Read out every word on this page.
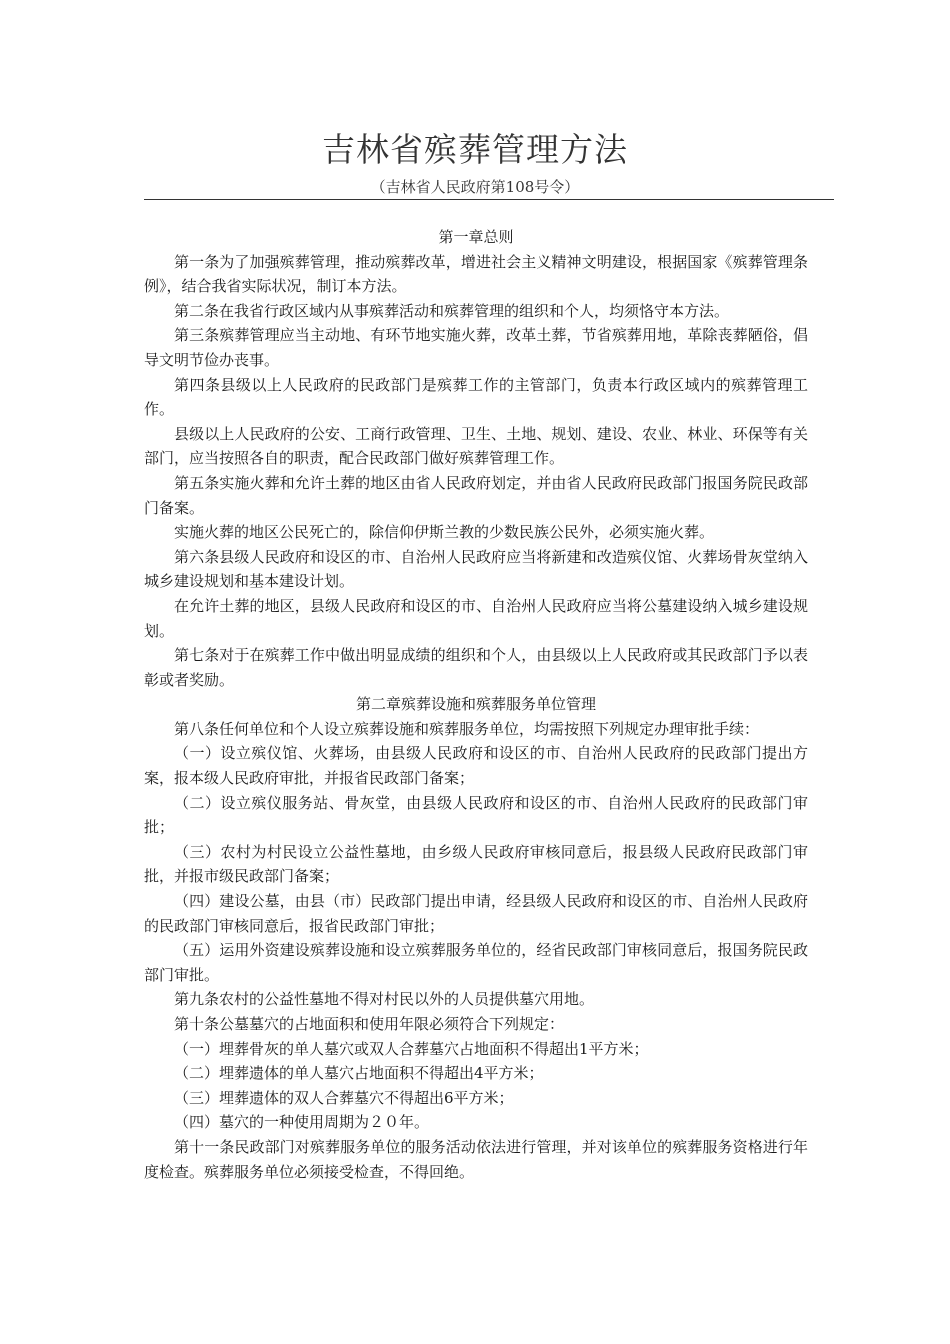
吉林省殡葬管理方法
（吉林省人民政府第108号令）

第一章总则

第一条为了加强殡葬管理，推动殡葬改革，增进社会主义精神文明建设，根据国家《殡葬管理条例》，结合我省实际状况，制订本方法。

第二条在我省行政区域内从事殡葬活动和殡葬管理的组织和个人，均须恪守本方法。

第三条殡葬管理应当主动地、有环节地实施火葬，改革土葬，节省殡葬用地，革除丧葬陋俗，倡导文明节俭办丧事。

第四条县级以上人民政府的民政部门是殡葬工作的主管部门，负责本行政区域内的殡葬管理工作。

县级以上人民政府的公安、工商行政管理、卫生、土地、规划、建设、农业、林业、环保等有关部门，应当按照各自的职责，配合民政部门做好殡葬管理工作。

第五条实施火葬和允许土葬的地区由省人民政府划定，并由省人民政府民政部门报国务院民政部门备案。

实施火葬的地区公民死亡的，除信仰伊斯兰教的少数民族公民外，必须实施火葬。

第六条县级人民政府和设区的市、自治州人民政府应当将新建和改造殡仪馆、火葬场骨灰堂纳入城乡建设规划和基本建设计划。

在允许土葬的地区，县级人民政府和设区的市、自治州人民政府应当将公墓建设纳入城乡建设规划。

第七条对于在殡葬工作中做出明显成绩的组织和个人，由县级以上人民政府或其民政部门予以表彰或者奖励。

第二章殡葬设施和殡葬服务单位管理

第八条任何单位和个人设立殡葬设施和殡葬服务单位，均需按照下列规定办理审批手续：

（一）设立殡仪馆、火葬场，由县级人民政府和设区的市、自治州人民政府的民政部门提出方案，报本级人民政府审批，并报省民政部门备案；

（二）设立殡仪服务站、骨灰堂，由县级人民政府和设区的市、自治州人民政府的民政部门审批；

（三）农村为村民设立公益性墓地，由乡级人民政府审核同意后，报县级人民政府民政部门审批，并报市级民政部门备案；

（四）建设公墓，由县（市）民政部门提出申请，经县级人民政府和设区的市、自治州人民政府的民政部门审核同意后，报省民政部门审批；

（五）运用外资建设殡葬设施和设立殡葬服务单位的，经省民政部门审核同意后，报国务院民政部门审批。

第九条农村的公益性墓地不得对村民以外的人员提供墓穴用地。

第十条公墓墓穴的占地面积和使用年限必须符合下列规定：

（一）埋葬骨灰的单人墓穴或双人合葬墓穴占地面积不得超出1平方米；

（二）埋葬遗体的单人墓穴占地面积不得超出4平方米；

（三）埋葬遗体的双人合葬墓穴不得超出6平方米；

（四）墓穴的一种使用周期为２０年。

第十一条民政部门对殡葬服务单位的服务活动依法进行管理，并对该单位的殡葬服务资格进行年度检查。殡葬服务单位必须接受检查，不得回绝。
